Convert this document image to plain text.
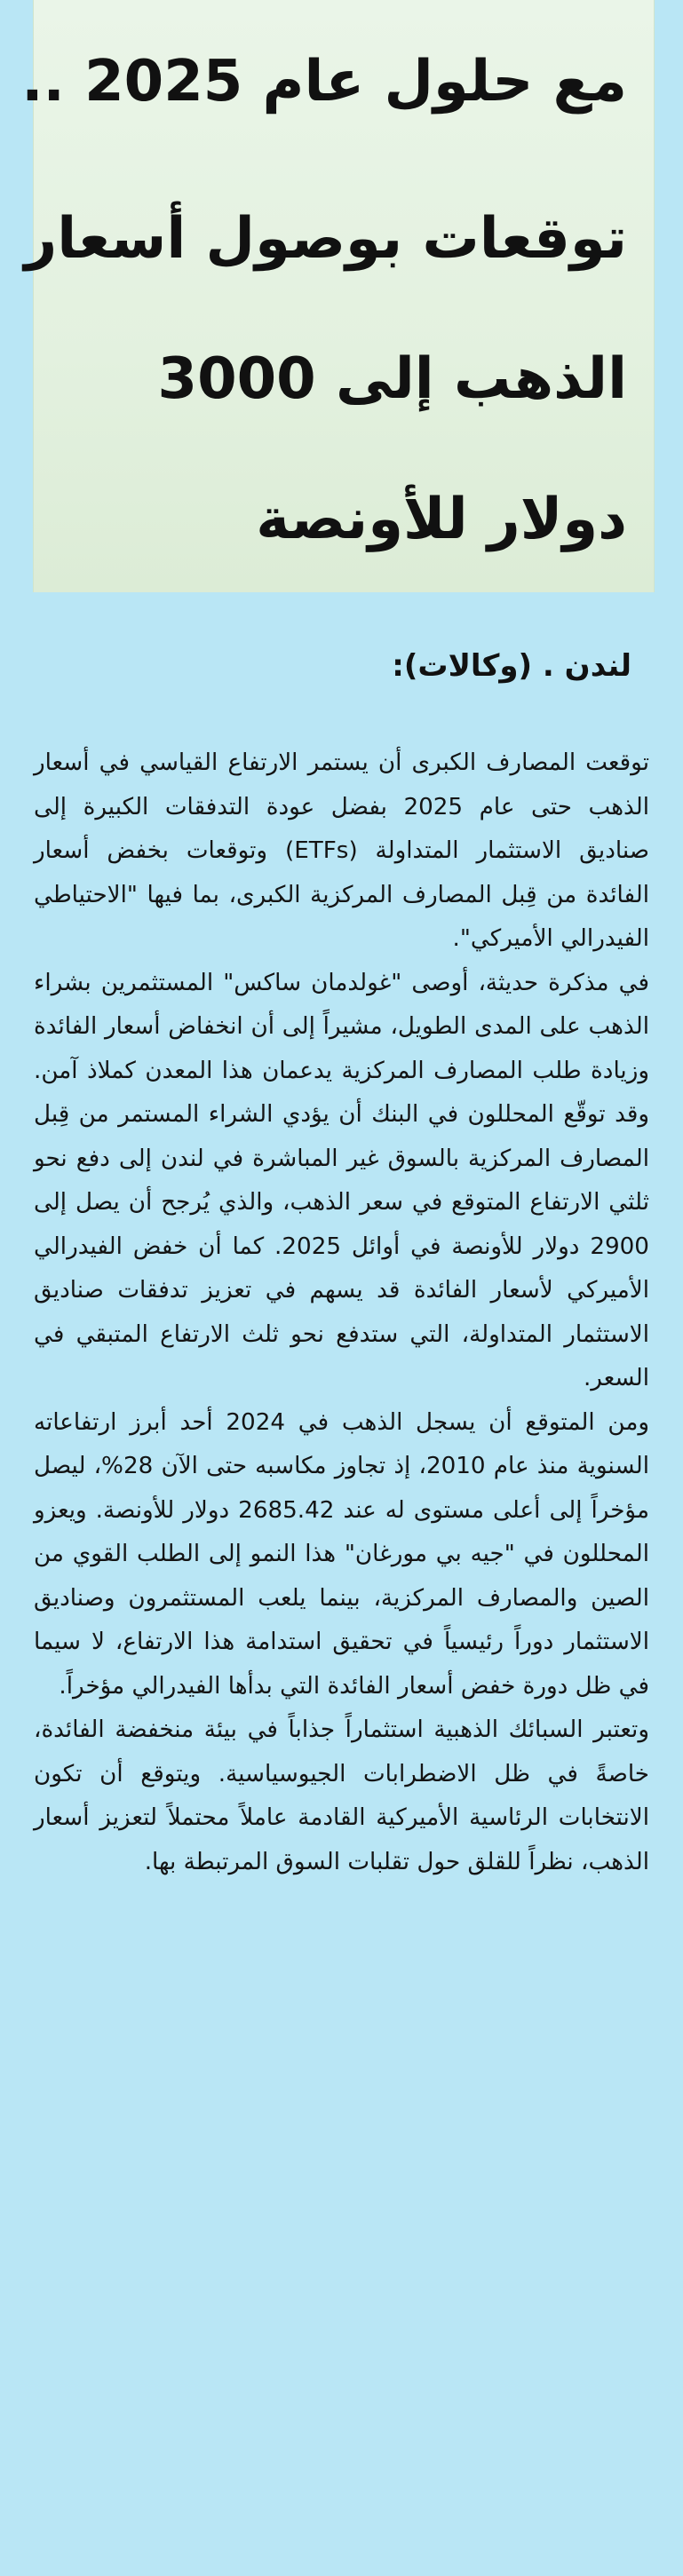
مع حلول عام 2025 ..
توقعات بوصول أسعار
الذهب إلى 3000
دولار للأونصة
لندن . (وكالات):

توقعت المصارف الكبرى أن يستمر الارتفاع القياسي في أسعار الذهب حتى عام 2025 بفضل عودة التدفقات الكبيرة إلى صناديق الاستثمار المتداولة (ETFs) وتوقعات بخفض أسعار الفائدة من قِبل المصارف المركزية الكبرى، بما فيها "الاحتياطي الفيدرالي الأميركي".

في مذكرة حديثة، أوصى "غولدمان ساكس" المستثمرين بشراء الذهب على المدى الطويل، مشيراً إلى أن انخفاض أسعار الفائدة وزيادة طلب المصارف المركزية يدعمان هذا المعدن كملاذ آمن. وقد توقّع المحللون في البنك أن يؤدي الشراء المستمر من قِبل المصارف المركزية بالسوق غير المباشرة في لندن إلى دفع نحو ثلثي الارتفاع المتوقع في سعر الذهب، والذي يُرجح أن يصل إلى 2900 دولار للأونصة في أوائل 2025. كما أن خفض الفيدرالي الأميركي لأسعار الفائدة قد يسهم في تعزيز تدفقات صناديق الاستثمار المتداولة، التي ستدفع نحو ثلث الارتفاع المتبقي في السعر.

ومن المتوقع أن يسجل الذهب في 2024 أحد أبرز ارتفاعاته السنوية منذ عام 2010، إذ تجاوز مكاسبه حتى الآن 28%، ليصل مؤخراً إلى أعلى مستوى له عند 2685.42 دولار للأونصة. ويعزو المحللون في "جيه بي مورغان" هذا النمو إلى الطلب القوي من الصين والمصارف المركزية، بينما يلعب المستثمرون وصناديق الاستثمار دوراً رئيسياً في تحقيق استدامة هذا الارتفاع، لا سيما في ظل دورة خفض أسعار الفائدة التي بدأها الفيدرالي مؤخراً.

وتعتبر السبائك الذهبية استثماراً جذاباً في بيئة منخفضة الفائدة، خاصةً في ظل الاضطرابات الجيوسياسية. ويتوقع أن تكون الانتخابات الرئاسية الأميركية القادمة عاملاً محتملاً لتعزيز أسعار الذهب، نظراً للقلق حول تقلبات السوق المرتبطة بها.
